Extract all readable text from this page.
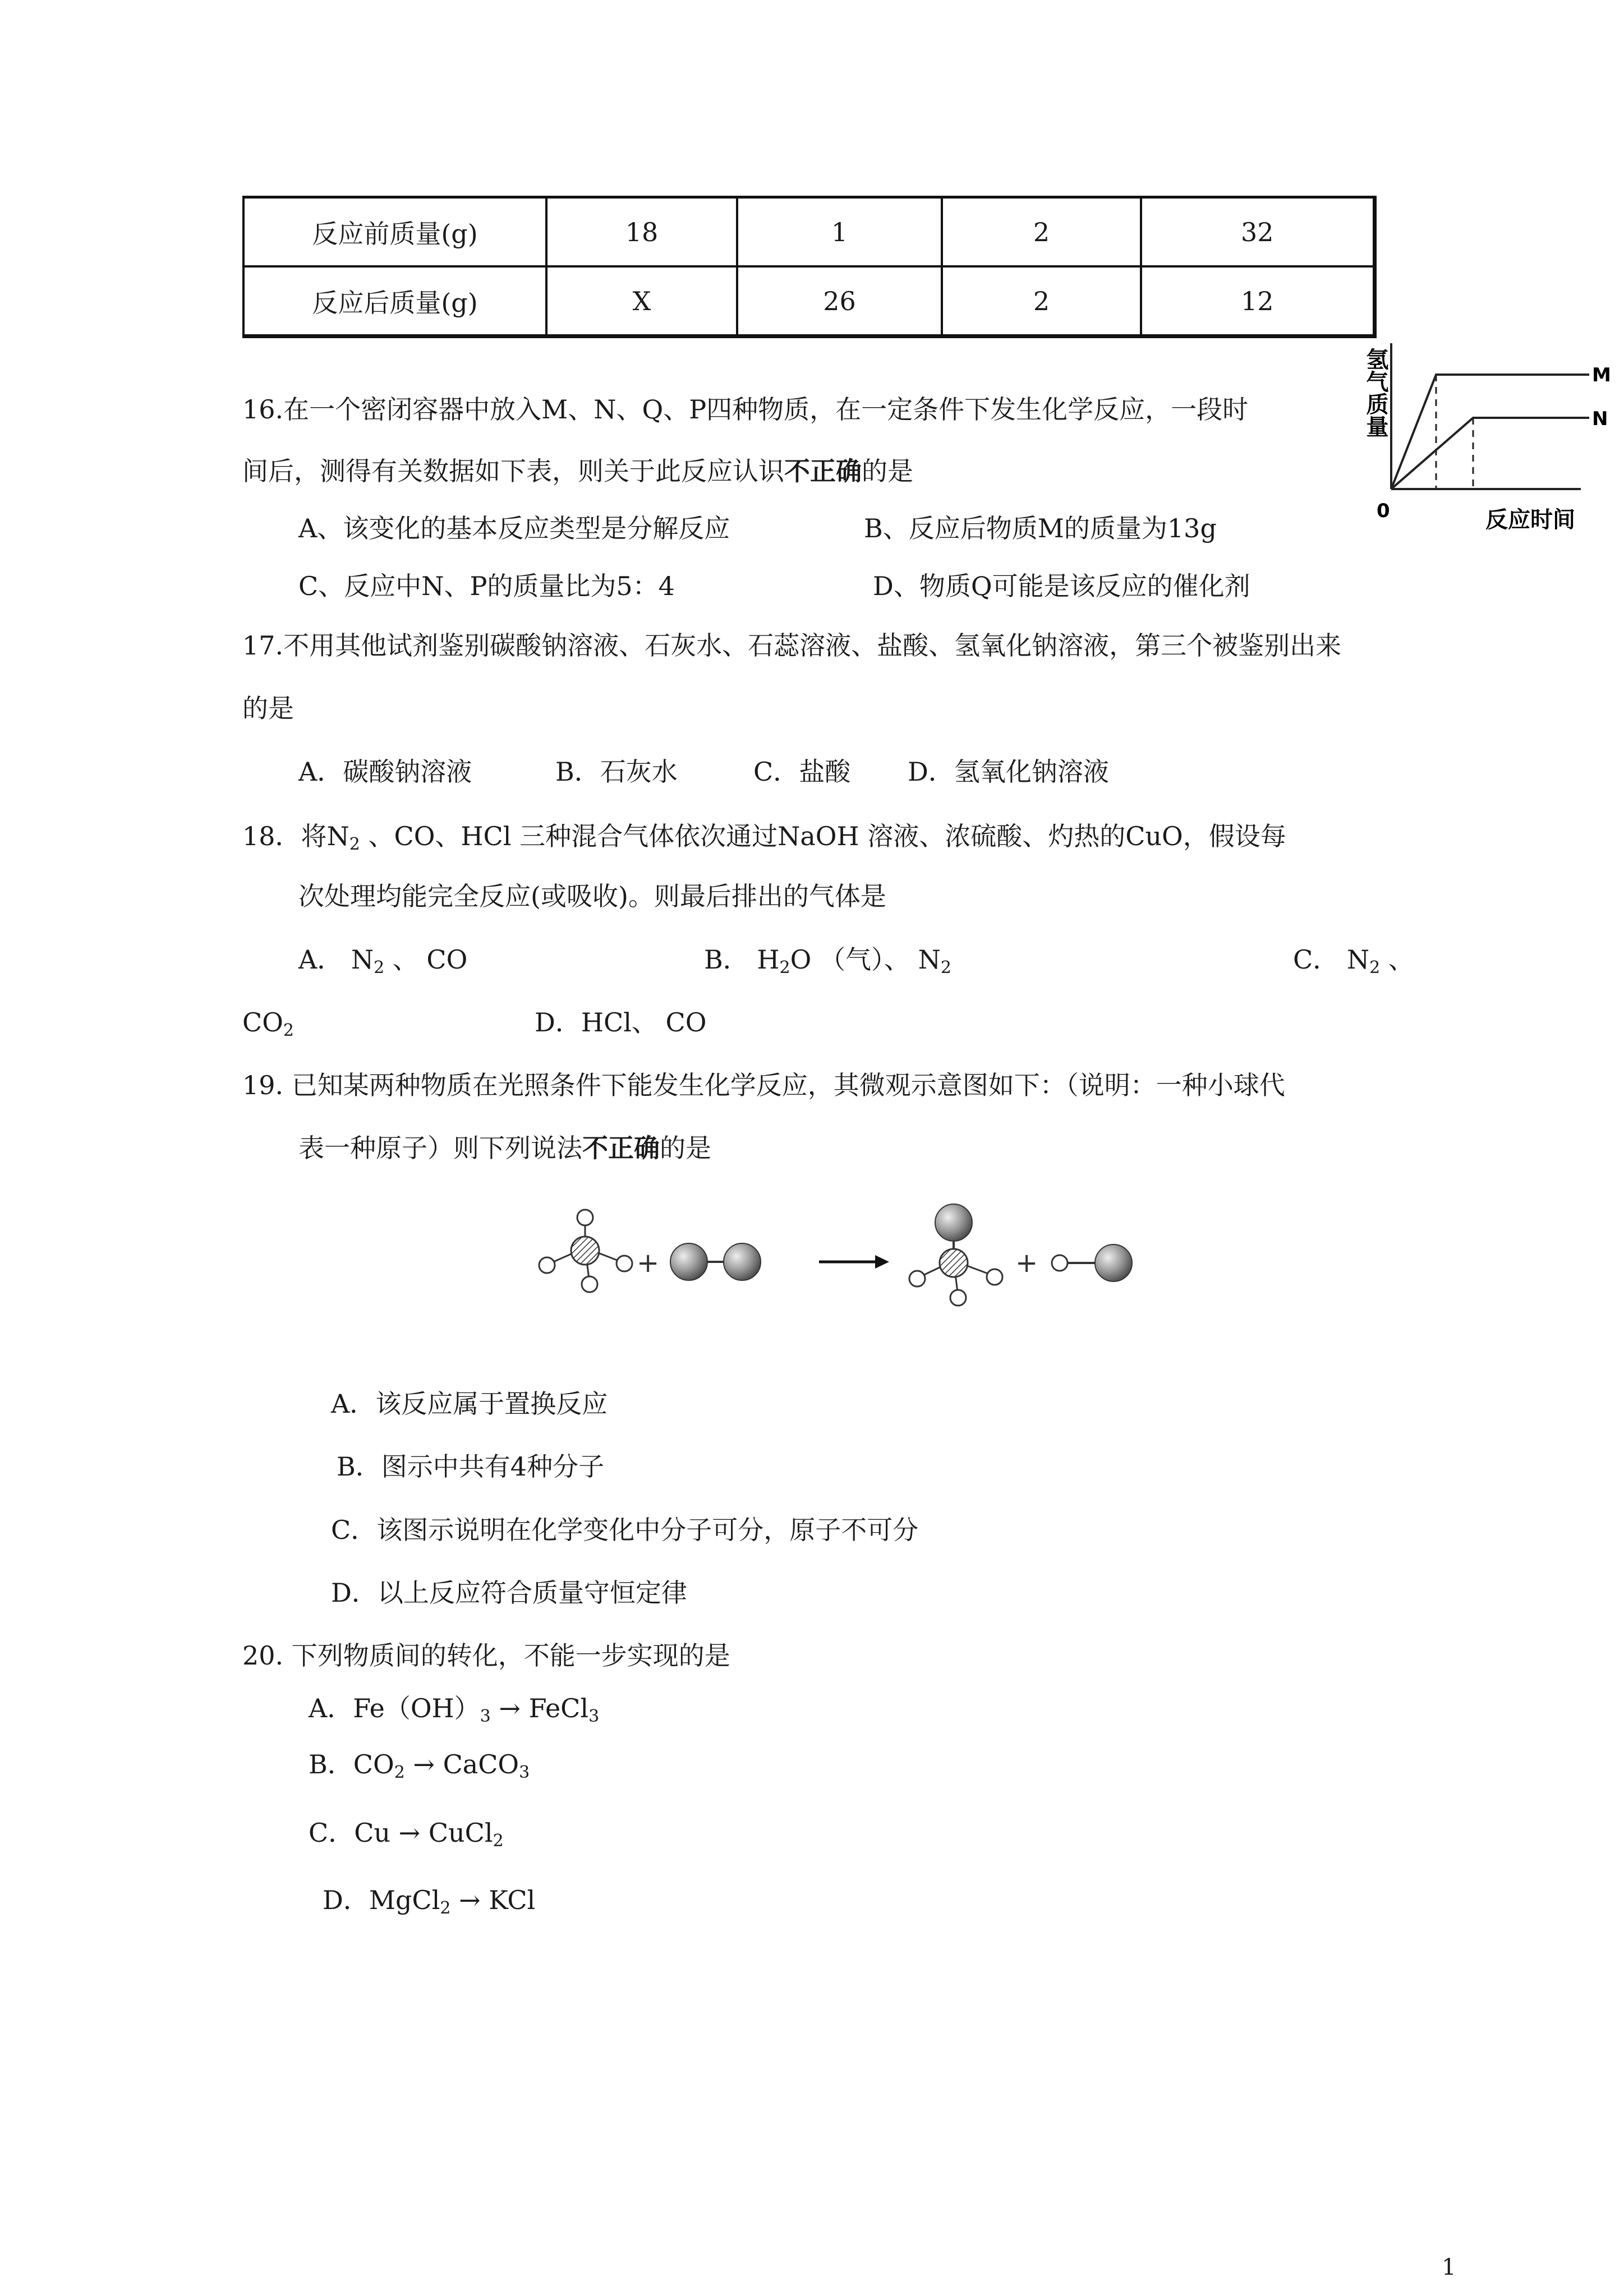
反应前质量(g)	18	1	2	32
反应后质量(g)	X	26	2	12
氢气质量	M
N
0	反应时间
16.在一个密闭容器中放入M、N、Q、P四种物质，在一定条件下发生化学反应，一段时
间后，测得有关数据如下表，则关于此反应认识不正确的是
A、该变化的基本反应类型是分解反应	B、反应后物质M的质量为13g
C、反应中N、P的质量比为5：4	D、物质Q可能是该反应的催化剂
17.不用其他试剂鉴别碳酸钠溶液、石灰水、石蕊溶液、盐酸、氢氧化钠溶液，第三个被鉴别出来
的是
A．碳酸钠溶液	B．石灰水	C．盐酸 D．氢氧化钠溶液
18．将$N_2$ 、CO、HCl 三种混合气体依次通过NaOH 溶液、浓硫酸、灼热的CuO，假设每
次处理均能完全反应(或吸收)。则最后排出的气体是
A． $N_2$ 、 CO	B． $H_2O$ （气）、 $N_2$	C． $N_2$ 、
$CO_2$	D．HCl、 CO
19. 已知某两种物质在光照条件下能发生化学反应，其微观示意图如下：（说明：一种小球代
表一种原子）则下列说法不正确的是
+	+
A．该反应属于置换反应
B．图示中共有4种分子
C．该图示说明在化学变化中分子可分，原子不可分
D．以上反应符合质量守恒定律
20. 下列物质间的转化，不能一步实现的是
A．$Fe(OH)_3$ → FeCl$_3$
B．$CO_2$ → CaCO$_3$
C．Cu → CuCl$_2$
D．MgCl$_2$ → KCl
1
